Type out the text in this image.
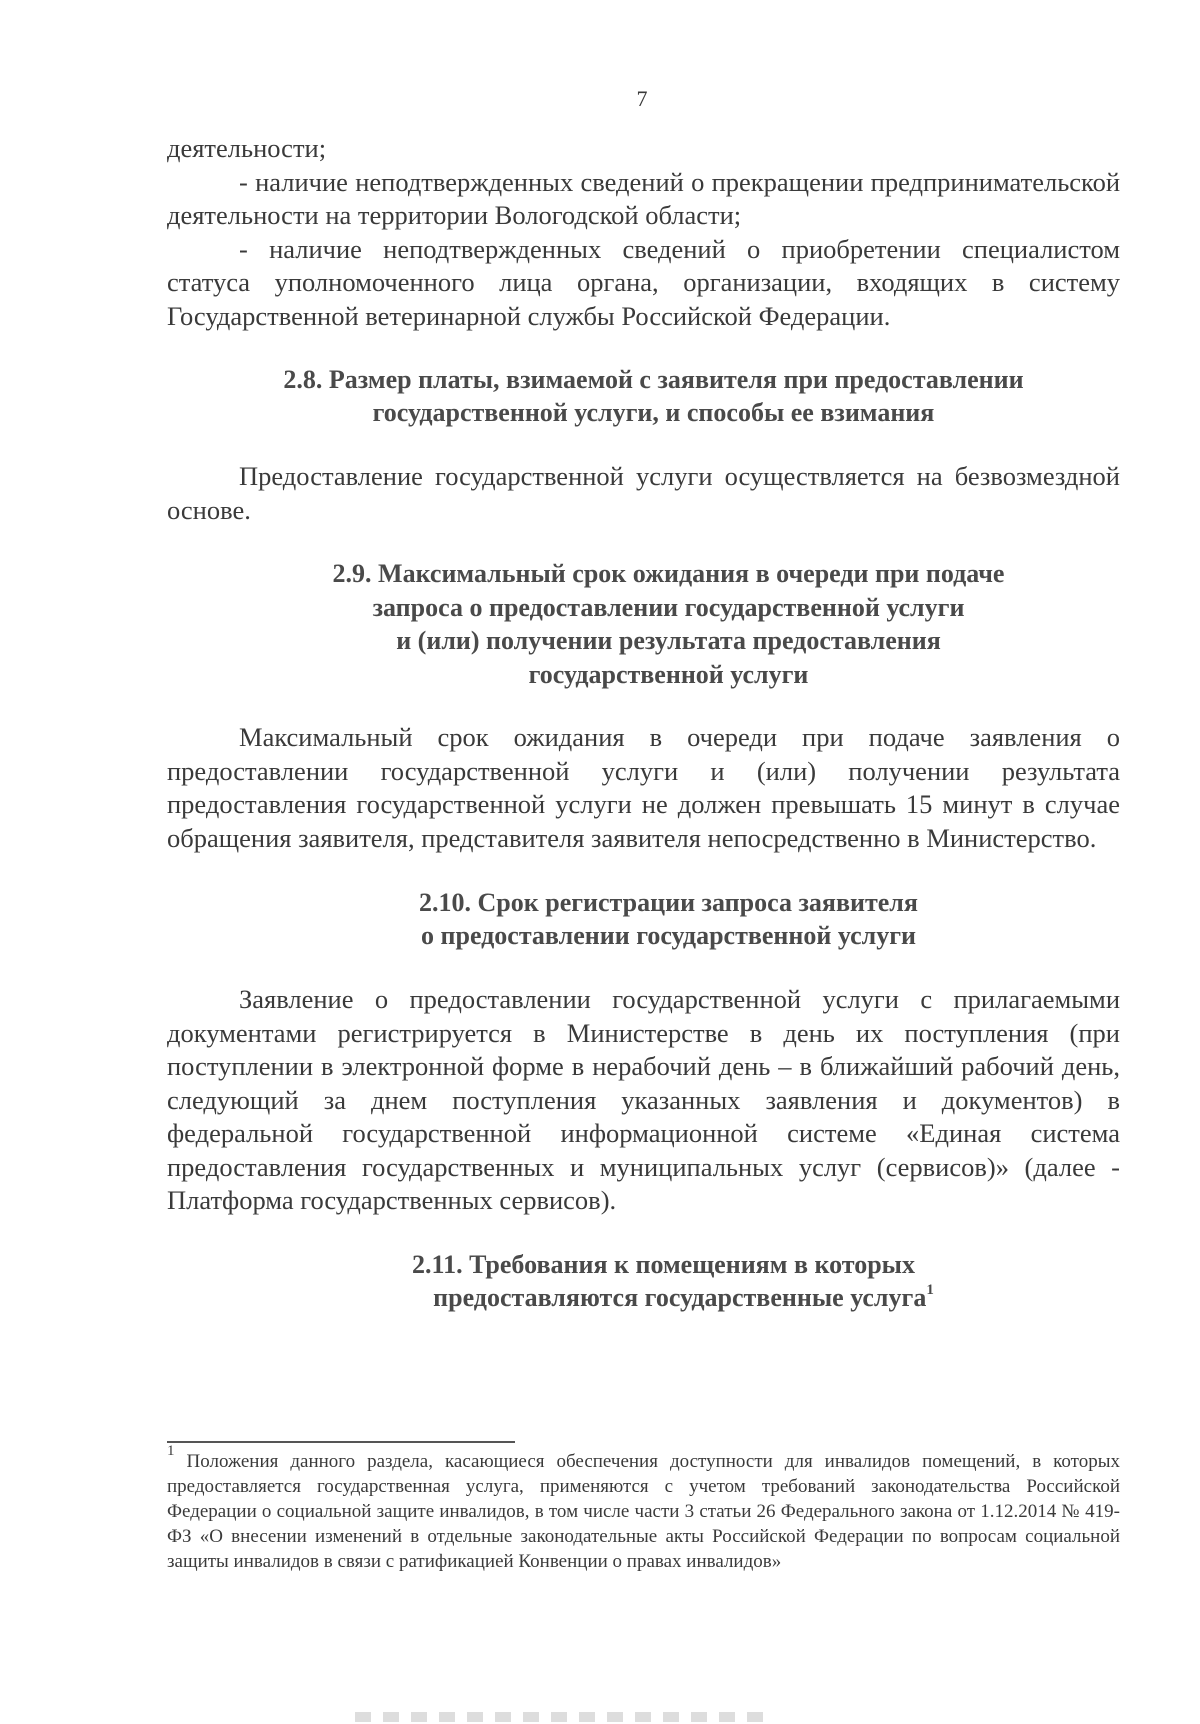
7

деятельности;

- наличие неподтвержденных сведений о прекращении предпринимательской деятельности на территории Вологодской области;

- наличие неподтвержденных сведений о приобретении специалистом статуса уполномоченного лица органа, организации, входящих в систему Государственной ветеринарной службы Российской Федерации.

2.8. Размер платы, взимаемой с заявителя при предоставлении
государственной услуги, и способы ее взимания

Предоставление государственной услуги осуществляется на безвозмездной основе.

2.9. Максимальный срок ожидания в очереди при подаче
запроса о предоставлении государственной услуги
и (или) получении результата предоставления
государственной услуги

Максимальный срок ожидания в очереди при подаче заявления о предоставлении государственной услуги и (или) получении результата предоставления государственной услуги не должен превышать 15 минут в случае обращения заявителя, представителя заявителя непосредственно в Министерство.

2.10. Срок регистрации запроса заявителя
о предоставлении государственной услуги

Заявление о предоставлении государственной услуги с прилагаемыми документами регистрируется в Министерстве в день их поступления (при поступлении в электронной форме в нерабочий день – в ближайший рабочий день, следующий за днем поступления указанных заявления и документов) в федеральной государственной информационной системе «Единая система предоставления государственных и муниципальных услуг (сервисов)» (далее - Платформа государственных сервисов).

2.11. Требования к помещениям в которых
предоставляются государственные услуга$^1$
$^1$ Положения данного раздела, касающиеся обеспечения доступности для инвалидов помещений, в которых предоставляется государственная услуга, применяются с учетом требований законодательства Российской Федерации о социальной защите инвалидов, в том числе части 3 статьи 26 Федерального закона от 1.12.2014 № 419-ФЗ «О внесении изменений в отдельные законодательные акты Российской Федерации по вопросам социальной защиты инвалидов в связи с ратификацией Конвенции о правах инвалидов»
